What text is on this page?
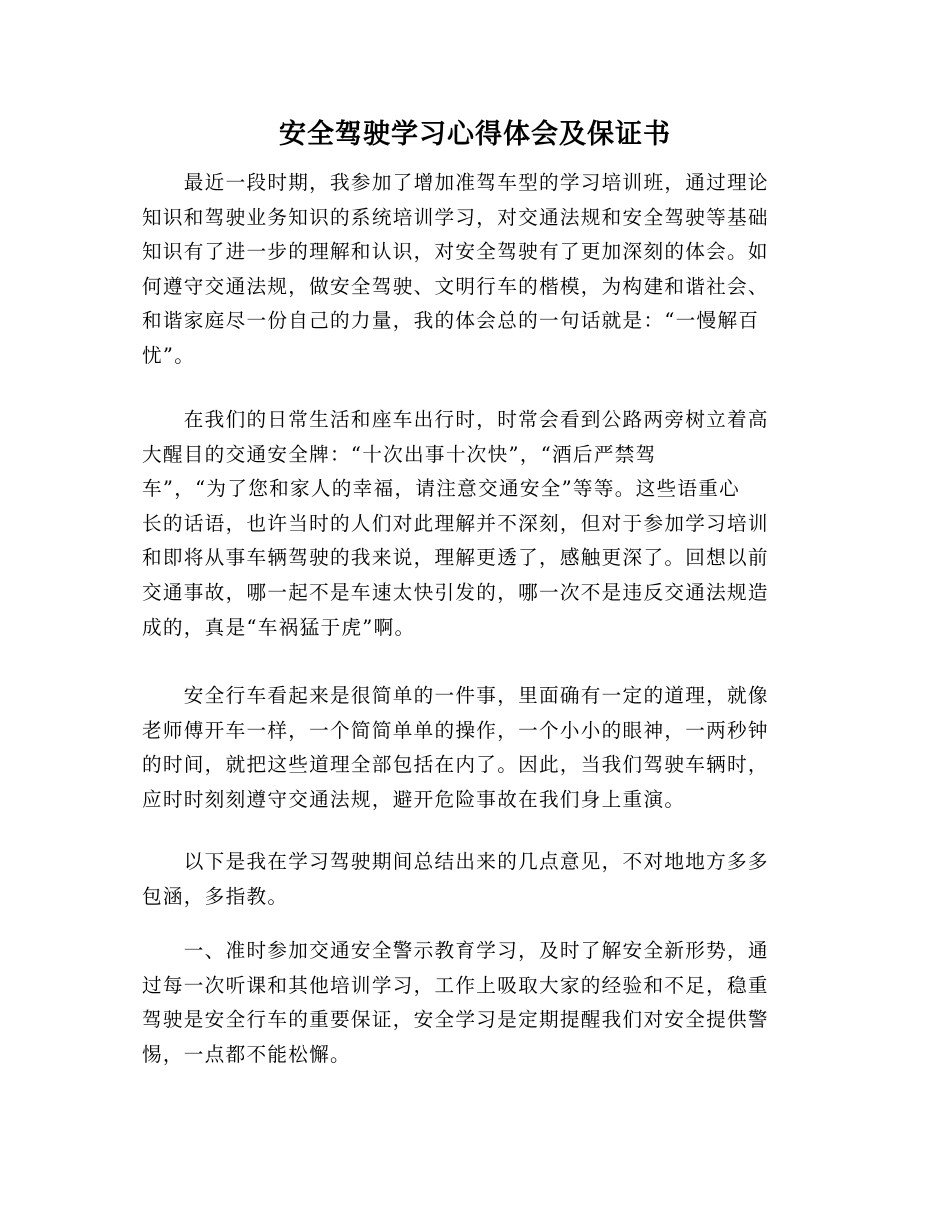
安全驾驶学习心得体会及保证书
　　最近一段时期，我参加了增加准驾车型的学习培训班，通过理论
知识和驾驶业务知识的系统培训学习，对交通法规和安全驾驶等基础
知识有了进一步的理解和认识，对安全驾驶有了更加深刻的体会。如
何遵守交通法规，做安全驾驶、文明行车的楷模，为构建和谐社会、
和谐家庭尽一份自己的力量，我的体会总的一句话就是：“一慢解百
忧”。
　　在我们的日常生活和座车出行时，时常会看到公路两旁树立着高
大醒目的交通安全牌：“十次出事十次快”，“酒后严禁驾
车”，“为了您和家人的幸福，请注意交通安全”等等。这些语重心
长的话语，也许当时的人们对此理解并不深刻，但对于参加学习培训
和即将从事车辆驾驶的我来说，理解更透了，感触更深了。回想以前
交通事故，哪一起不是车速太快引发的，哪一次不是违反交通法规造
成的，真是“车祸猛于虎”啊。
　　安全行车看起来是很简单的一件事，里面确有一定的道理，就像
老师傅开车一样，一个简简单单的操作，一个小小的眼神，一两秒钟
的时间，就把这些道理全部包括在内了。因此，当我们驾驶车辆时，
应时时刻刻遵守交通法规，避开危险事故在我们身上重演。
　　以下是我在学习驾驶期间总结出来的几点意见，不对地地方多多
包涵，多指教。
　　一、准时参加交通安全警示教育学习，及时了解安全新形势，通
过每一次听课和其他培训学习，工作上吸取大家的经验和不足，稳重
驾驶是安全行车的重要保证，安全学习是定期提醒我们对安全提供警
惕，一点都不能松懈。
